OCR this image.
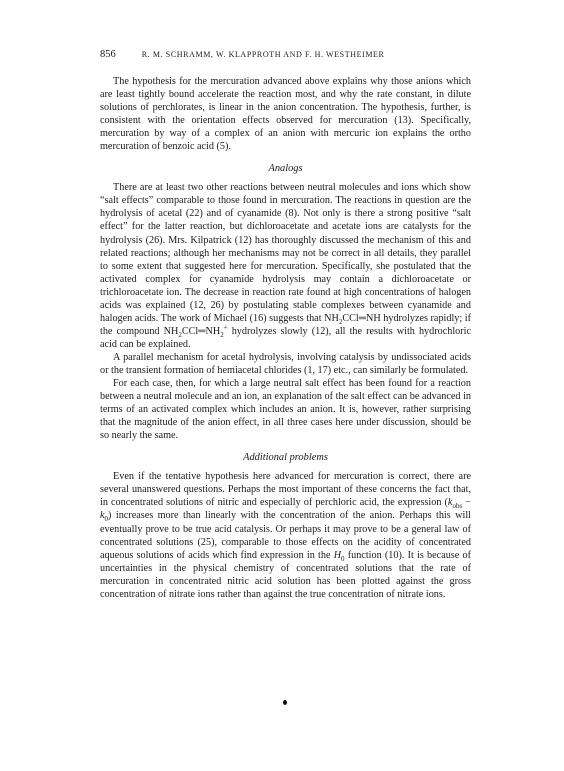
856	R. M. SCHRAMM, W. KLAPPROTH AND F. H. WESTHEIMER

The hypothesis for the mercuration advanced above explains why those anions which are least tightly bound accelerate the reaction most, and why the rate constant, in dilute solutions of perchlorates, is linear in the anion concentration. The hypothesis, further, is consistent with the orientation effects observed for mercuration (13). Specifically, mercuration by way of a complex of an anion with mercuric ion explains the ortho mercuration of benzoic acid (5).

Analogs

There are at least two other reactions between neutral molecules and ions which show “salt effects” comparable to those found in mercuration. The reactions in question are the hydrolysis of acetal (22) and of cyanamide (8). Not only is there a strong positive “salt effect” for the latter reaction, but dichloroacetate and acetate ions are catalysts for the hydrolysis (26). Mrs. Kilpatrick (12) has thoroughly discussed the mechanism of this and related reactions; although her mechanisms may not be correct in all details, they parallel to some extent that suggested here for mercuration. Specifically, she postulated that the activated complex for cyanamide hydrolysis may contain a dichloroacetate or trichloroacetate ion. The decrease in reaction rate found at high concentrations of halogen acids was explained (12, 26) by postulating stable complexes between cyanamide and halogen acids. The work of Michael (16) suggests that $NH_2CCl═NH$ hydrolyzes rapidly; if the compound $NH_2CCl═NH_2^+$ hydrolyzes slowly (12), all the results with hydrochloric acid can be explained.

A parallel mechanism for acetal hydrolysis, involving catalysis by undissociated acids or the transient formation of hemiacetal chlorides (1, 17) etc., can similarly be formulated.

For each case, then, for which a large neutral salt effect has been found for a reaction between a neutral molecule and an ion, an explanation of the salt effect can be advanced in terms of an activated complex which includes an anion. It is, however, rather surprising that the magnitude of the anion effect, in all three cases here under discussion, should be so nearly the same.

Additional problems

Even if the tentative hypothesis here advanced for mercuration is correct, there are several unanswered questions. Perhaps the most important of these concerns the fact that, in concentrated solutions of nitric and especially of perchloric acid, the expression $(k_{obs} - k_0)$ increases more than linearly with the concentration of the anion. Perhaps this will eventually prove to be true acid catalysis. Or perhaps it may prove to be a general law of concentrated solutions (25), comparable to those effects on the acidity of concentrated aqueous solutions of acids which find expression in the $H_0$ function (10). It is because of uncertainties in the physical chemistry of concentrated solutions that the rate of mercuration in concentrated nitric acid solution has been plotted against the gross concentration of nitrate ions rather than against the true concentration of nitrate ions.
